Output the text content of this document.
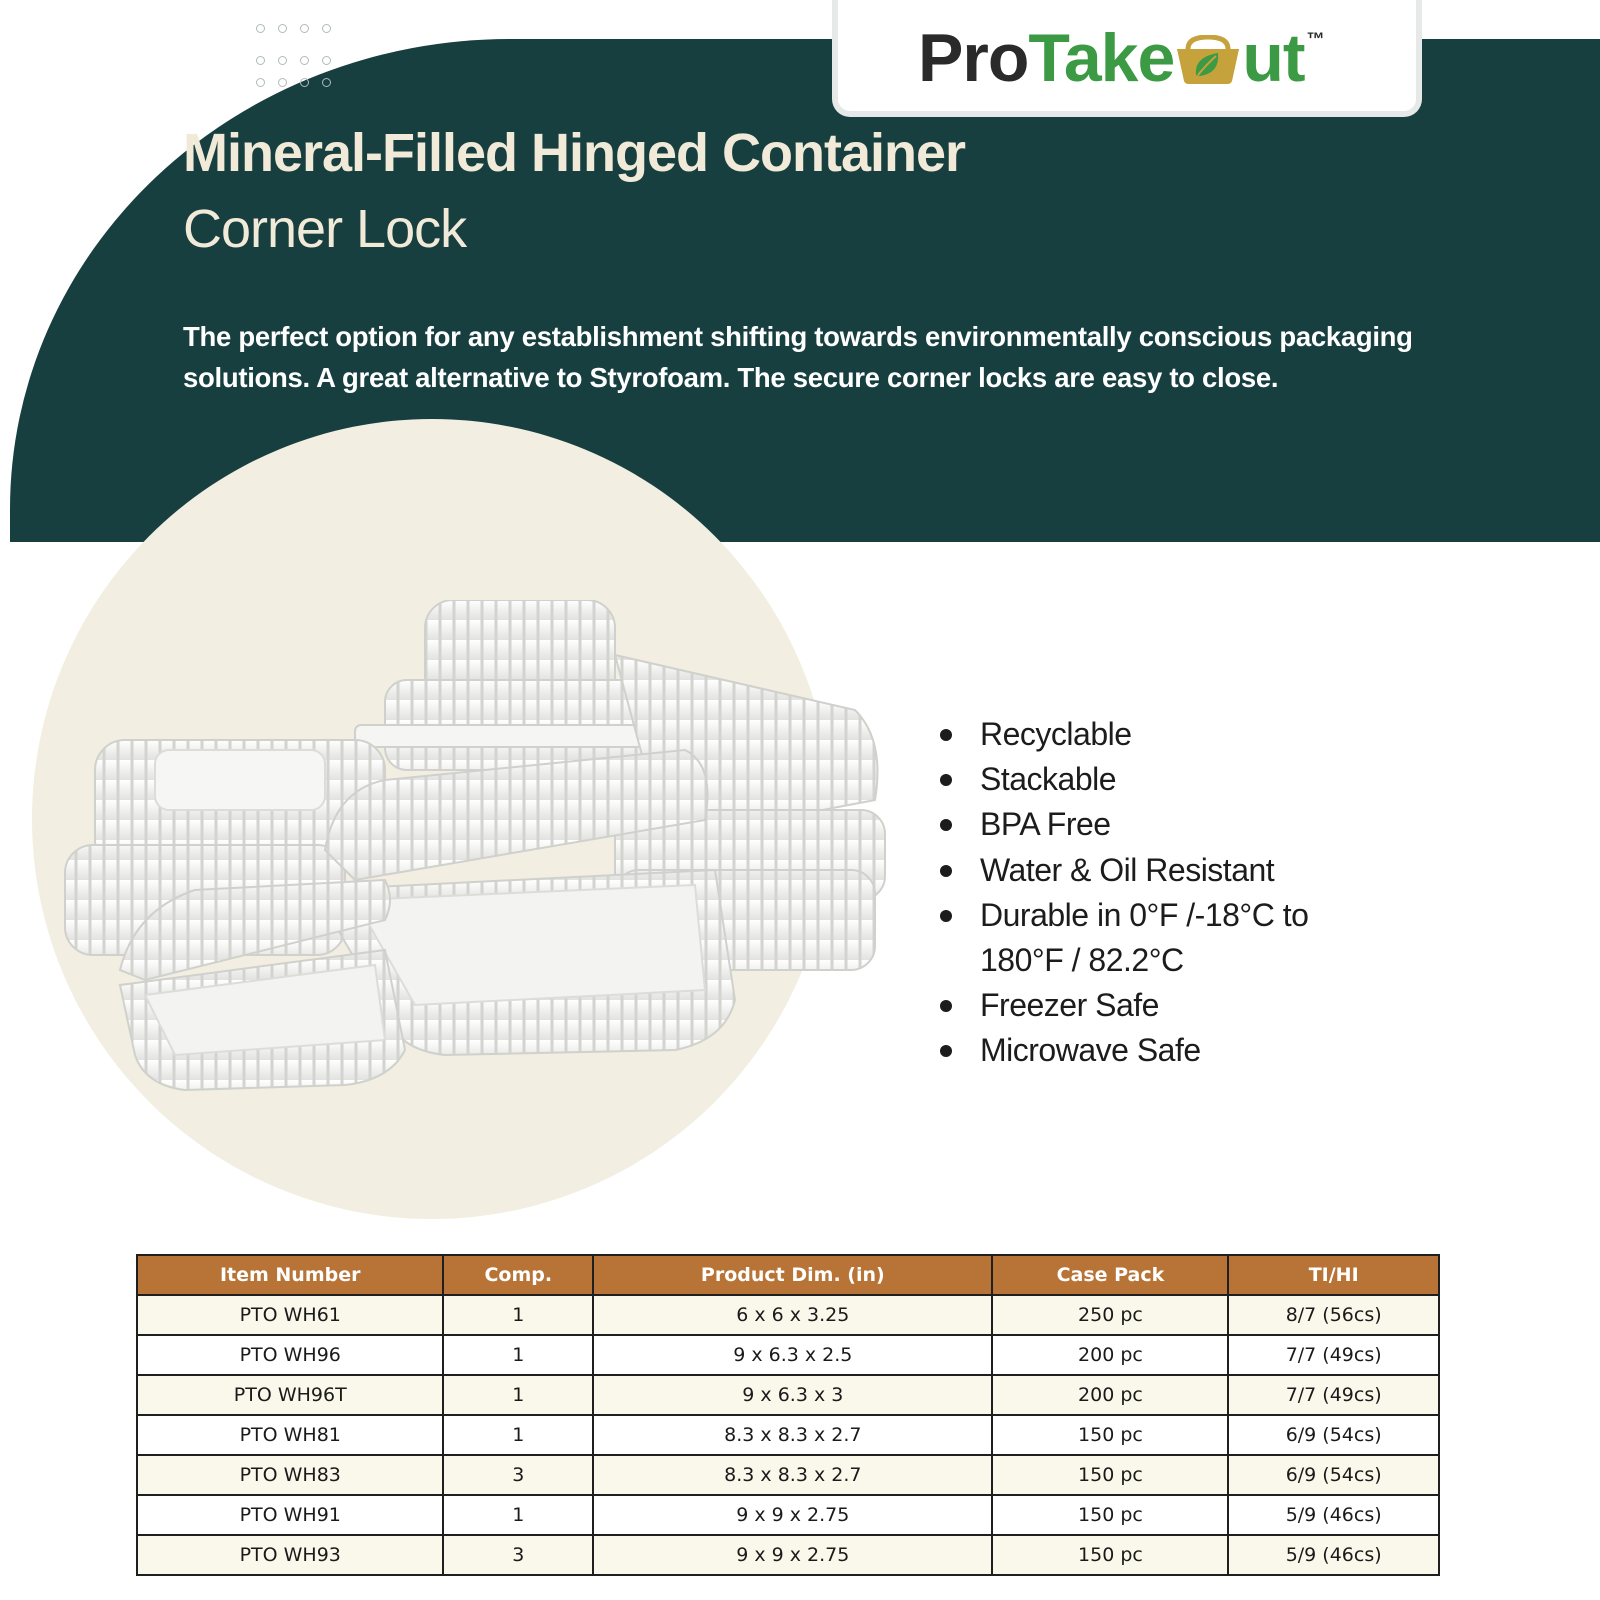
ProTake ut ™
Mineral-Filled Hinged Container
Corner Lock
The perfect option for any establishment shifting towards environmentally conscious packaging solutions. A great alternative to Styrofoam. The secure corner locks are easy to close.
Recyclable
Stackable
BPA Free
Water & Oil Resistant
Durable in 0°F /-18°C to 180°F / 82.2°C
Freezer Safe
Microwave Safe
Item Number	Comp.	Product Dim. (in)	Case Pack	TI/HI
PTO WH61	1	6 x 6 x 3.25	250 pc	8/7 (56cs)
PTO WH96	1	9 x 6.3 x 2.5	200 pc	7/7 (49cs)
PTO WH96T	1	9 x 6.3 x 3	200 pc	7/7 (49cs)
PTO WH81	1	8.3 x 8.3 x 2.7	150 pc	6/9 (54cs)
PTO WH83	3	8.3 x 8.3 x 2.7	150 pc	6/9 (54cs)
PTO WH91	1	9 x 9 x 2.75	150 pc	5/9 (46cs)
PTO WH93	3	9 x 9 x 2.75	150 pc	5/9 (46cs)
